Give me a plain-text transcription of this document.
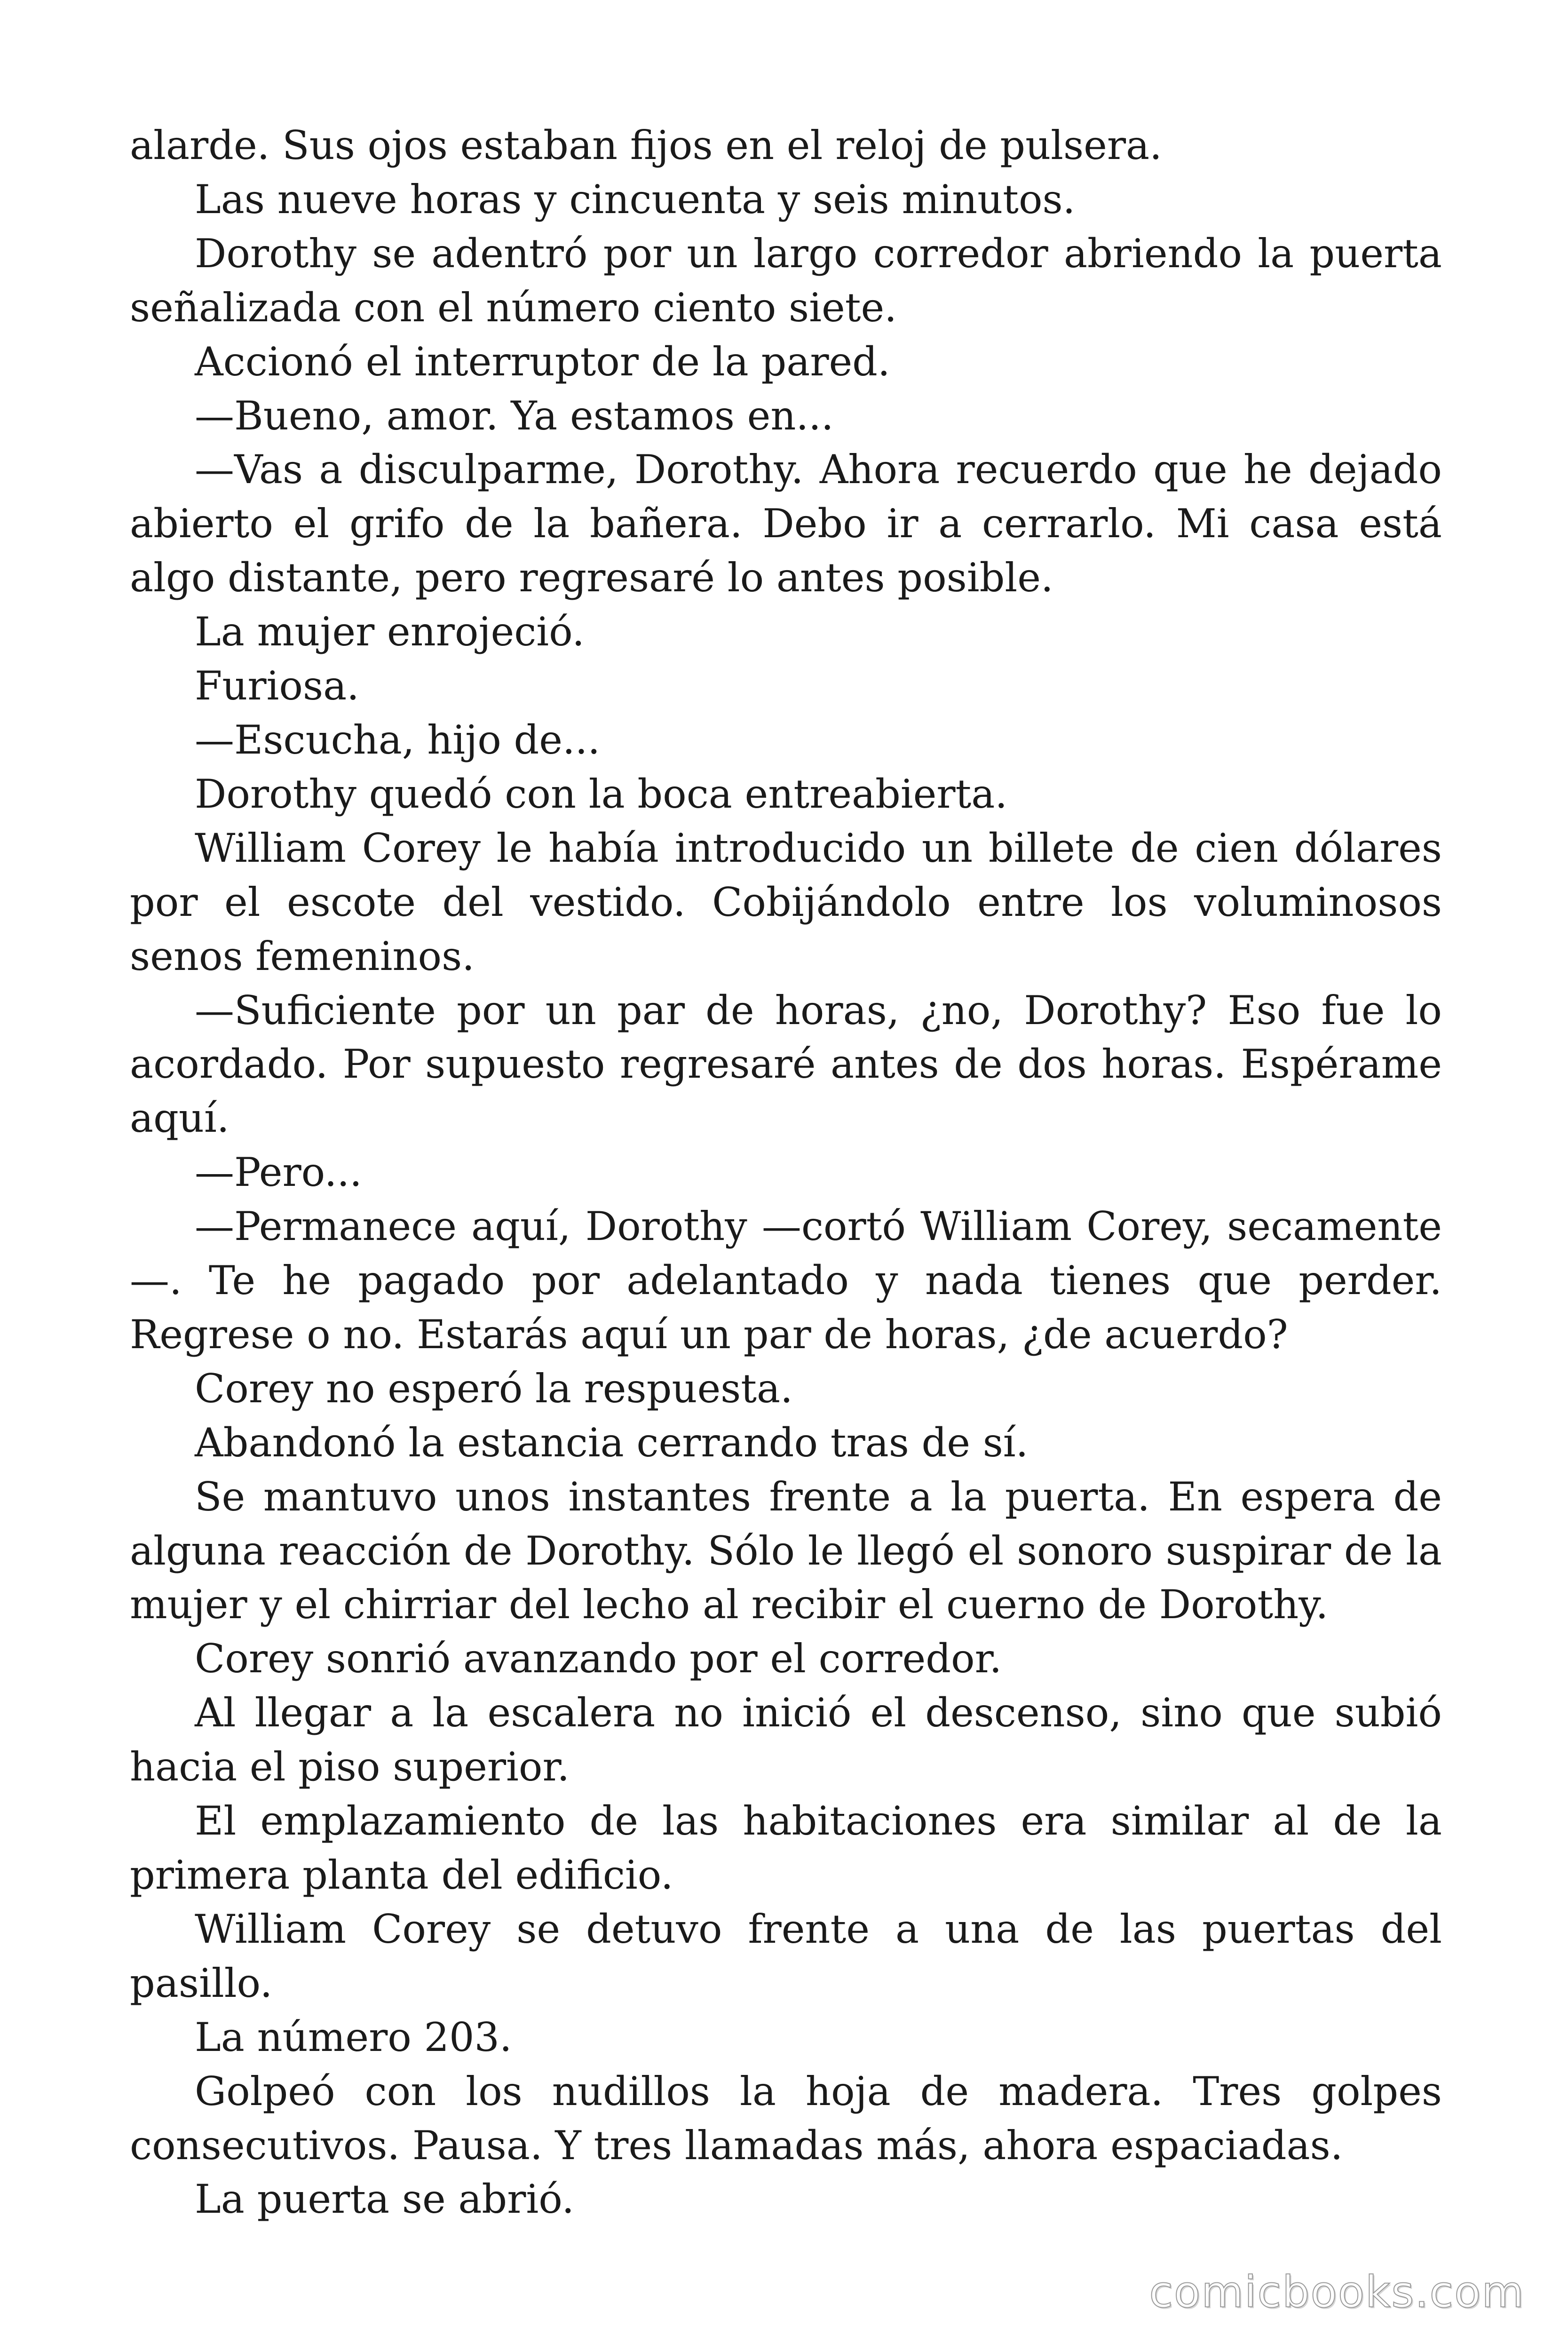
alarde. Sus ojos estaban fijos en el reloj de pulsera.

Las nueve horas y cincuenta y seis minutos.

Dorothy se adentró por un largo corredor abriendo la puerta señalizada con el número ciento siete.

Accionó el interruptor de la pared.

—Bueno, amor. Ya estamos en...

—Vas a disculparme, Dorothy. Ahora recuerdo que he dejado abierto el grifo de la bañera. Debo ir a cerrarlo. Mi casa está algo distante, pero regresaré lo antes posible.

La mujer enrojeció.

Furiosa.

—Escucha, hijo de...

Dorothy quedó con la boca entreabierta.

William Corey le había introducido un billete de cien dólares por el escote del vestido. Cobijándolo entre los voluminosos senos femeninos.

—Suficiente por un par de horas, ¿no, Dorothy? Eso fue lo acordado. Por supuesto regresaré antes de dos horas. Espérame aquí.

—Pero...

—Permanece aquí, Dorothy —cortó William Corey, secamente —. Te he pagado por adelantado y nada tienes que perder. Regrese o no. Estarás aquí un par de horas, ¿de acuerdo?

Corey no esperó la respuesta.

Abandonó la estancia cerrando tras de sí.

Se mantuvo unos instantes frente a la puerta. En espera de alguna reacción de Dorothy. Sólo le llegó el sonoro suspirar de la mujer y el chirriar del lecho al recibir el cuerno de Dorothy.

Corey sonrió avanzando por el corredor.

Al llegar a la escalera no inició el descenso, sino que subió hacia el piso superior.

El emplazamiento de las habitaciones era similar al de la primera planta del edificio.

William Corey se detuvo frente a una de las puertas del pasillo.

La número 203.

Golpeó con los nudillos la hoja de madera. Tres golpes consecutivos. Pausa. Y tres llamadas más, ahora espaciadas.

La puerta se abrió.

comicbooks.com
